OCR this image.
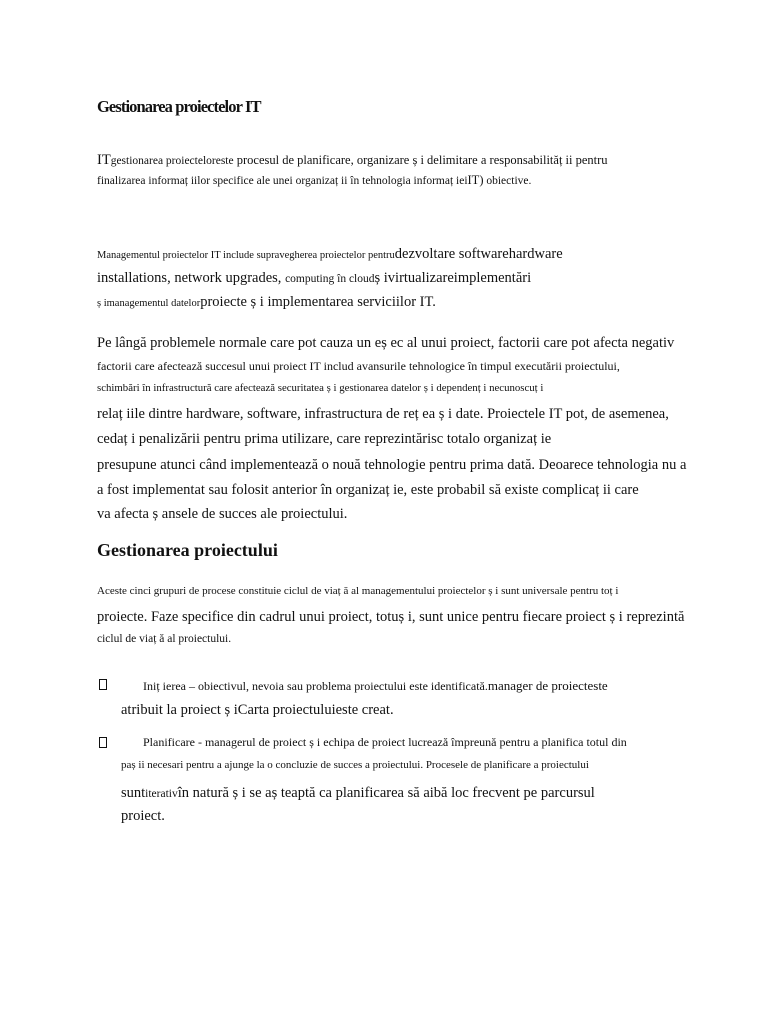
Gestionarea proiectelor IT
ITgestionarea proiecteloreste procesul de planificare, organizare ș i delimitare a responsabilităț ii pentru
finalizarea informaț iilor specifice ale unei organizaț ii în tehnologia informaț ieiIT) obiective.
Managementul proiectelor IT include supravegherea proiectelor pentrudezvoltare softwarehardware
installations, network upgrades, computing în cloudș ivirtualizareimplementări
ș imanagementul datelorproiecte ș i implementarea serviciilor IT.
Pe lângă problemele normale care pot cauza un eș ec al unui proiect, factorii care pot afecta negativ
factorii care afectează succesul unui proiect IT includ avansurile tehnologice în timpul executării proiectului,
schimbări în infrastructură care afectează securitatea ș i gestionarea datelor ș i dependenț i necunoscuț i
relaț iile dintre hardware, software, infrastructura de reț ea ș i date. Proiectele IT pot, de asemenea,
cedaț i penalizării pentru prima utilizare, care reprezintărisc totalo organizaț ie
presupune atunci când implementează o nouă tehnologie pentru prima dată. Deoarece tehnologia nu a
a fost implementat sau folosit anterior în organizaț ie, este probabil să existe complicaț ii care
va afecta ș ansele de succes ale proiectului.
Gestionarea proiectului
Aceste cinci grupuri de procese constituie ciclul de viaț ă al managementului proiectelor ș i sunt universale pentru toț i
proiecte. Faze specifice din cadrul unui proiect, totuș i, sunt unice pentru fiecare proiect ș i reprezintă
ciclul de viaț ă al proiectului.
Iniț ierea – obiectivul, nevoia sau problema proiectului este identificată.manager de proiecteste
atribuit la proiect ș iCarta proiectuluieste creat.
Planificare - managerul de proiect ș i echipa de proiect lucrează împreună pentru a planifica totul din
paș ii necesari pentru a ajunge la o concluzie de succes a proiectului. Procesele de planificare a proiectului
suntiterativîn natură ș i se aș teaptă ca planificarea să aibă loc frecvent pe parcursul
proiect.
